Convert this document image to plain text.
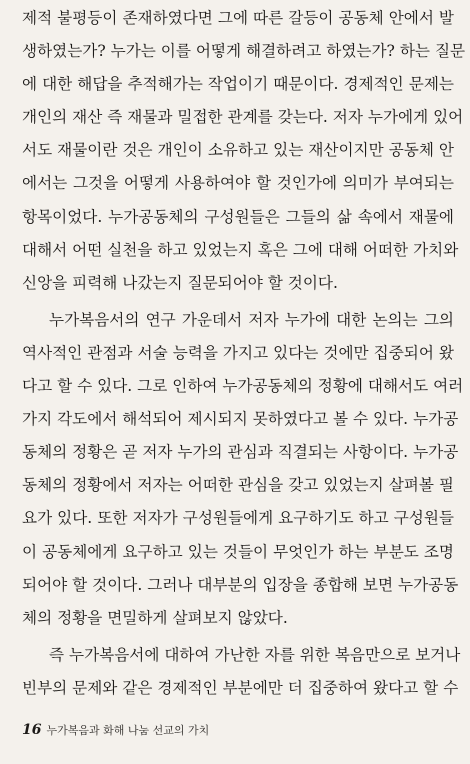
제적 불평등이 존재하였다면 그에 따른 갈등이 공동체 안에서 발
생하였는가? 누가는 이를 어떻게 해결하려고 하였는가? 하는 질문
에 대한 해답을 추적해가는 작업이기 때문이다. 경제적인 문제는
개인의 재산 즉 재물과 밀접한 관계를 갖는다. 저자 누가에게 있어
서도 재물이란 것은 개인이 소유하고 있는 재산이지만 공동체 안
에서는 그것을 어떻게 사용하여야 할 것인가에 의미가 부여되는
항목이었다. 누가공동체의 구성원들은 그들의 삶 속에서 재물에
대해서 어떤 실천을 하고 있었는지 혹은 그에 대해 어떠한 가치와
신앙을 피력해 나갔는지 질문되어야 할 것이다.

누가복음서의 연구 가운데서 저자 누가에 대한 논의는 그의
역사적인 관점과 서술 능력을 가지고 있다는 것에만 집중되어 왔
다고 할 수 있다. 그로 인하여 누가공동체의 정황에 대해서도 여러
가지 각도에서 해석되어 제시되지 못하였다고 볼 수 있다. 누가공
동체의 정황은 곧 저자 누가의 관심과 직결되는 사항이다. 누가공
동체의 정황에서 저자는 어떠한 관심을 갖고 있었는지 살펴볼 필
요가 있다. 또한 저자가 구성원들에게 요구하기도 하고 구성원들
이 공동체에게 요구하고 있는 것들이 무엇인가 하는 부분도 조명
되어야 할 것이다. 그러나 대부분의 입장을 종합해 보면 누가공동
체의 정황을 면밀하게 살펴보지 않았다.

즉 누가복음서에 대하여 가난한 자를 위한 복음만으로 보거나
빈부의 문제와 같은 경제적인 부분에만 더 집중하여 왔다고 할 수

16 누가복음과 화해 나눔 선교의 가치
